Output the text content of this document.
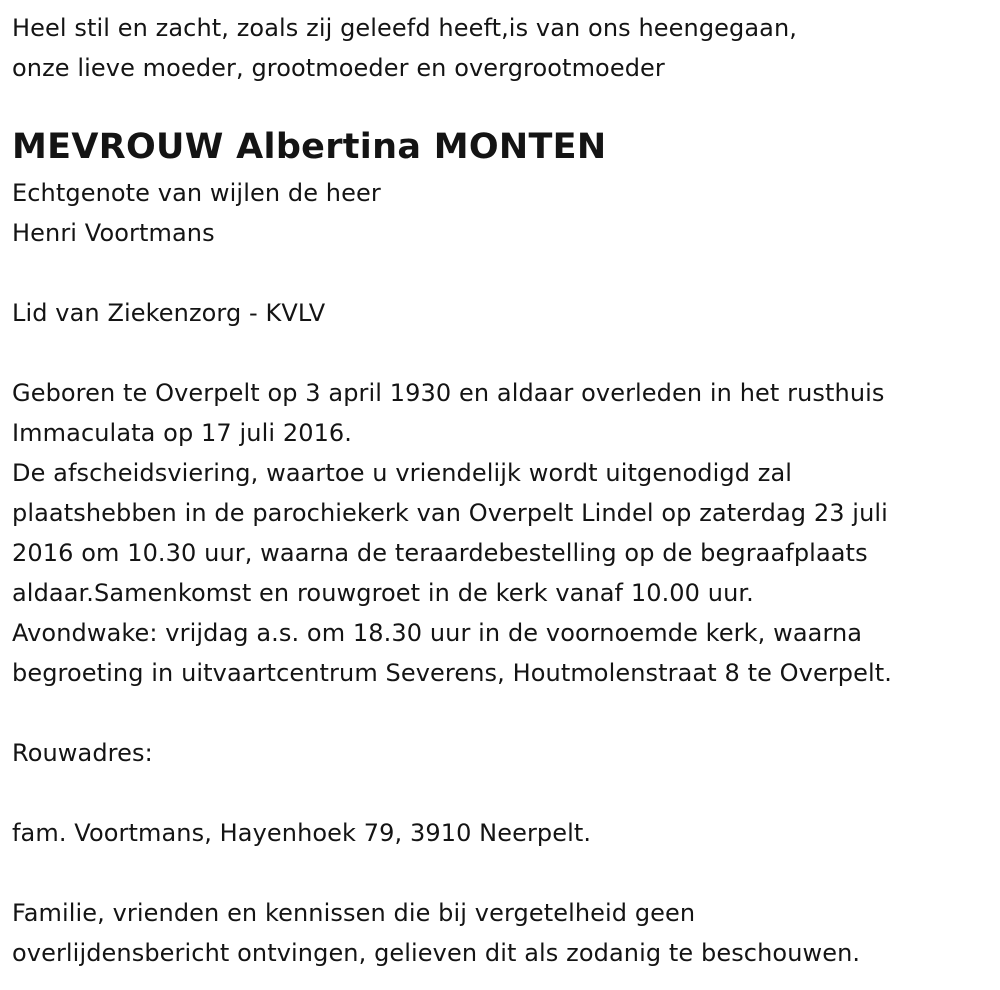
Heel stil en zacht, zoals zij geleefd heeft,is van ons heengegaan,
onze lieve moeder, grootmoeder en overgrootmoeder
MEVROUW Albertina MONTEN
Echtgenote van wijlen de heer
Henri Voortmans
Lid van Ziekenzorg - KVLV
Geboren te Overpelt op 3 april 1930 en aldaar overleden in het rusthuis
Immaculata op 17 juli 2016.
De afscheidsviering, waartoe u vriendelijk wordt uitgenodigd zal
plaatshebben in de parochiekerk van Overpelt Lindel op zaterdag 23 juli
2016 om 10.30 uur, waarna de teraardebestelling op de begraafplaats
aldaar.Samenkomst en rouwgroet in de kerk vanaf 10.00 uur.
Avondwake: vrijdag a.s. om 18.30 uur in de voornoemde kerk, waarna
begroeting in uitvaartcentrum Severens, Houtmolenstraat 8 te Overpelt.
Rouwadres:
fam. Voortmans, Hayenhoek 79, 3910 Neerpelt.
Familie, vrienden en kennissen die bij vergetelheid geen
overlijdensbericht ontvingen, gelieven dit als zodanig te beschouwen.
